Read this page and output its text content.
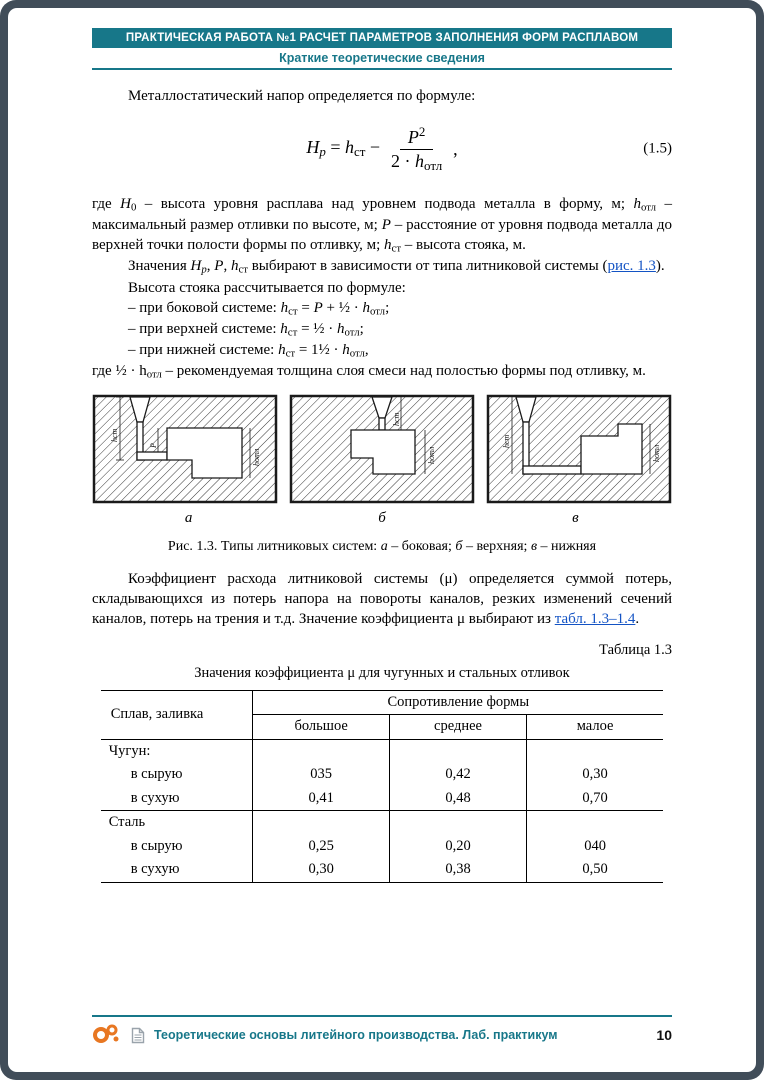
ПРАКТИЧЕСКАЯ РАБОТА №1 РАСЧЕТ ПАРАМЕТРОВ ЗАПОЛНЕНИЯ ФОРМ РАСПЛАВОМ
Краткие теоретические сведения

Металлостатический напор определяется по формуле:

$Hp = h_{ст} - \frac{P^2}{2 \cdot h_{отл}}$ ,	(1.5)

где $H_0$ – высота уровня расплава над уровнем подвода металла в форму, м; $h_{отл}$ – максимальный размер отливки по высоте, м; P – расстояние от уровня подвода металла до верхней точки полости формы по отливку, м; $h_{ст}$ – высота стояка, м.

Значения Hp, P, $h_{ст}$ выбирают в зависимости от типа литниковой системы (рис. 1.3).

Высота стояка рассчитывается по формуле:

– при боковой системе: $h_{ст} = P$ + ½ · $h_{отл}$;

– при верхней системе: $h_{ст}$ = ½ · $h_{отл}$;

– при нижней системе: $h_{ст}$ = 1½ · $h_{отл}$,

где ½ · $h_{отл}$ – рекомендуемая толщина слоя смеси над полостью формы под отливку, м.

hст
P
hотл
hст
hотл
hст
hотл
а	б	в
Рис. 1.3. Типы литниковых систем: а – боковая; б – верхняя; в – нижняя

Коэффициент расхода литниковой системы (μ) определяется суммой потерь, складывающихся из потерь напора на повороты каналов, резких изменений сечений каналов, потерь на трения и т.д. Значение коэффициента μ выбирают из табл. 1.3–1.4.

Таблица 1.3
Значения коэффициента μ для чугунных и стальных отливок
Сплав, заливка	Сопротивление формы		
	большое	среднее	малое
Чугун:			
в сырую	035	0,42	0,30
в сухую	0,41	0,48	0,70
Сталь			
в сырую	0,25	0,20	040
в сухую	0,30	0,38	0,50
Теоретические основы литейного производства. Лаб. практикум	10
